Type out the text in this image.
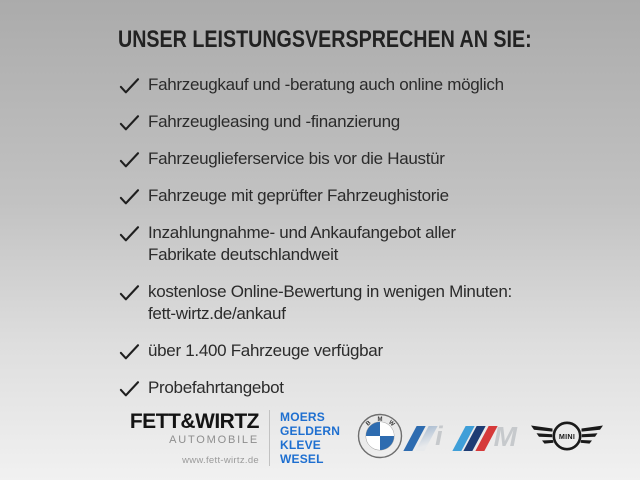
UNSER LEISTUNGSVERSPRECHEN AN SIE:
Fahrzeugkauf und -beratung auch online möglich
Fahrzeugleasing und -finanzierung
Fahrzeuglieferservice bis vor die Haustür
Fahrzeuge mit geprüfter Fahrzeughistorie
Inzahlungnahme- und Ankaufangebot aller
Fabrikate deutschlandweit
kostenlose Online-Bewertung in wenigen Minuten:
fett-wirtz.de/ankauf
über 1.400 Fahrzeuge verfügbar
Probefahrtangebot
FETT&WIRTZ
AUTOMOBILE
www.fett-wirtz.de
MOERS
GELDERN
KLEVE
WESEL
B
M W i M	MINI
